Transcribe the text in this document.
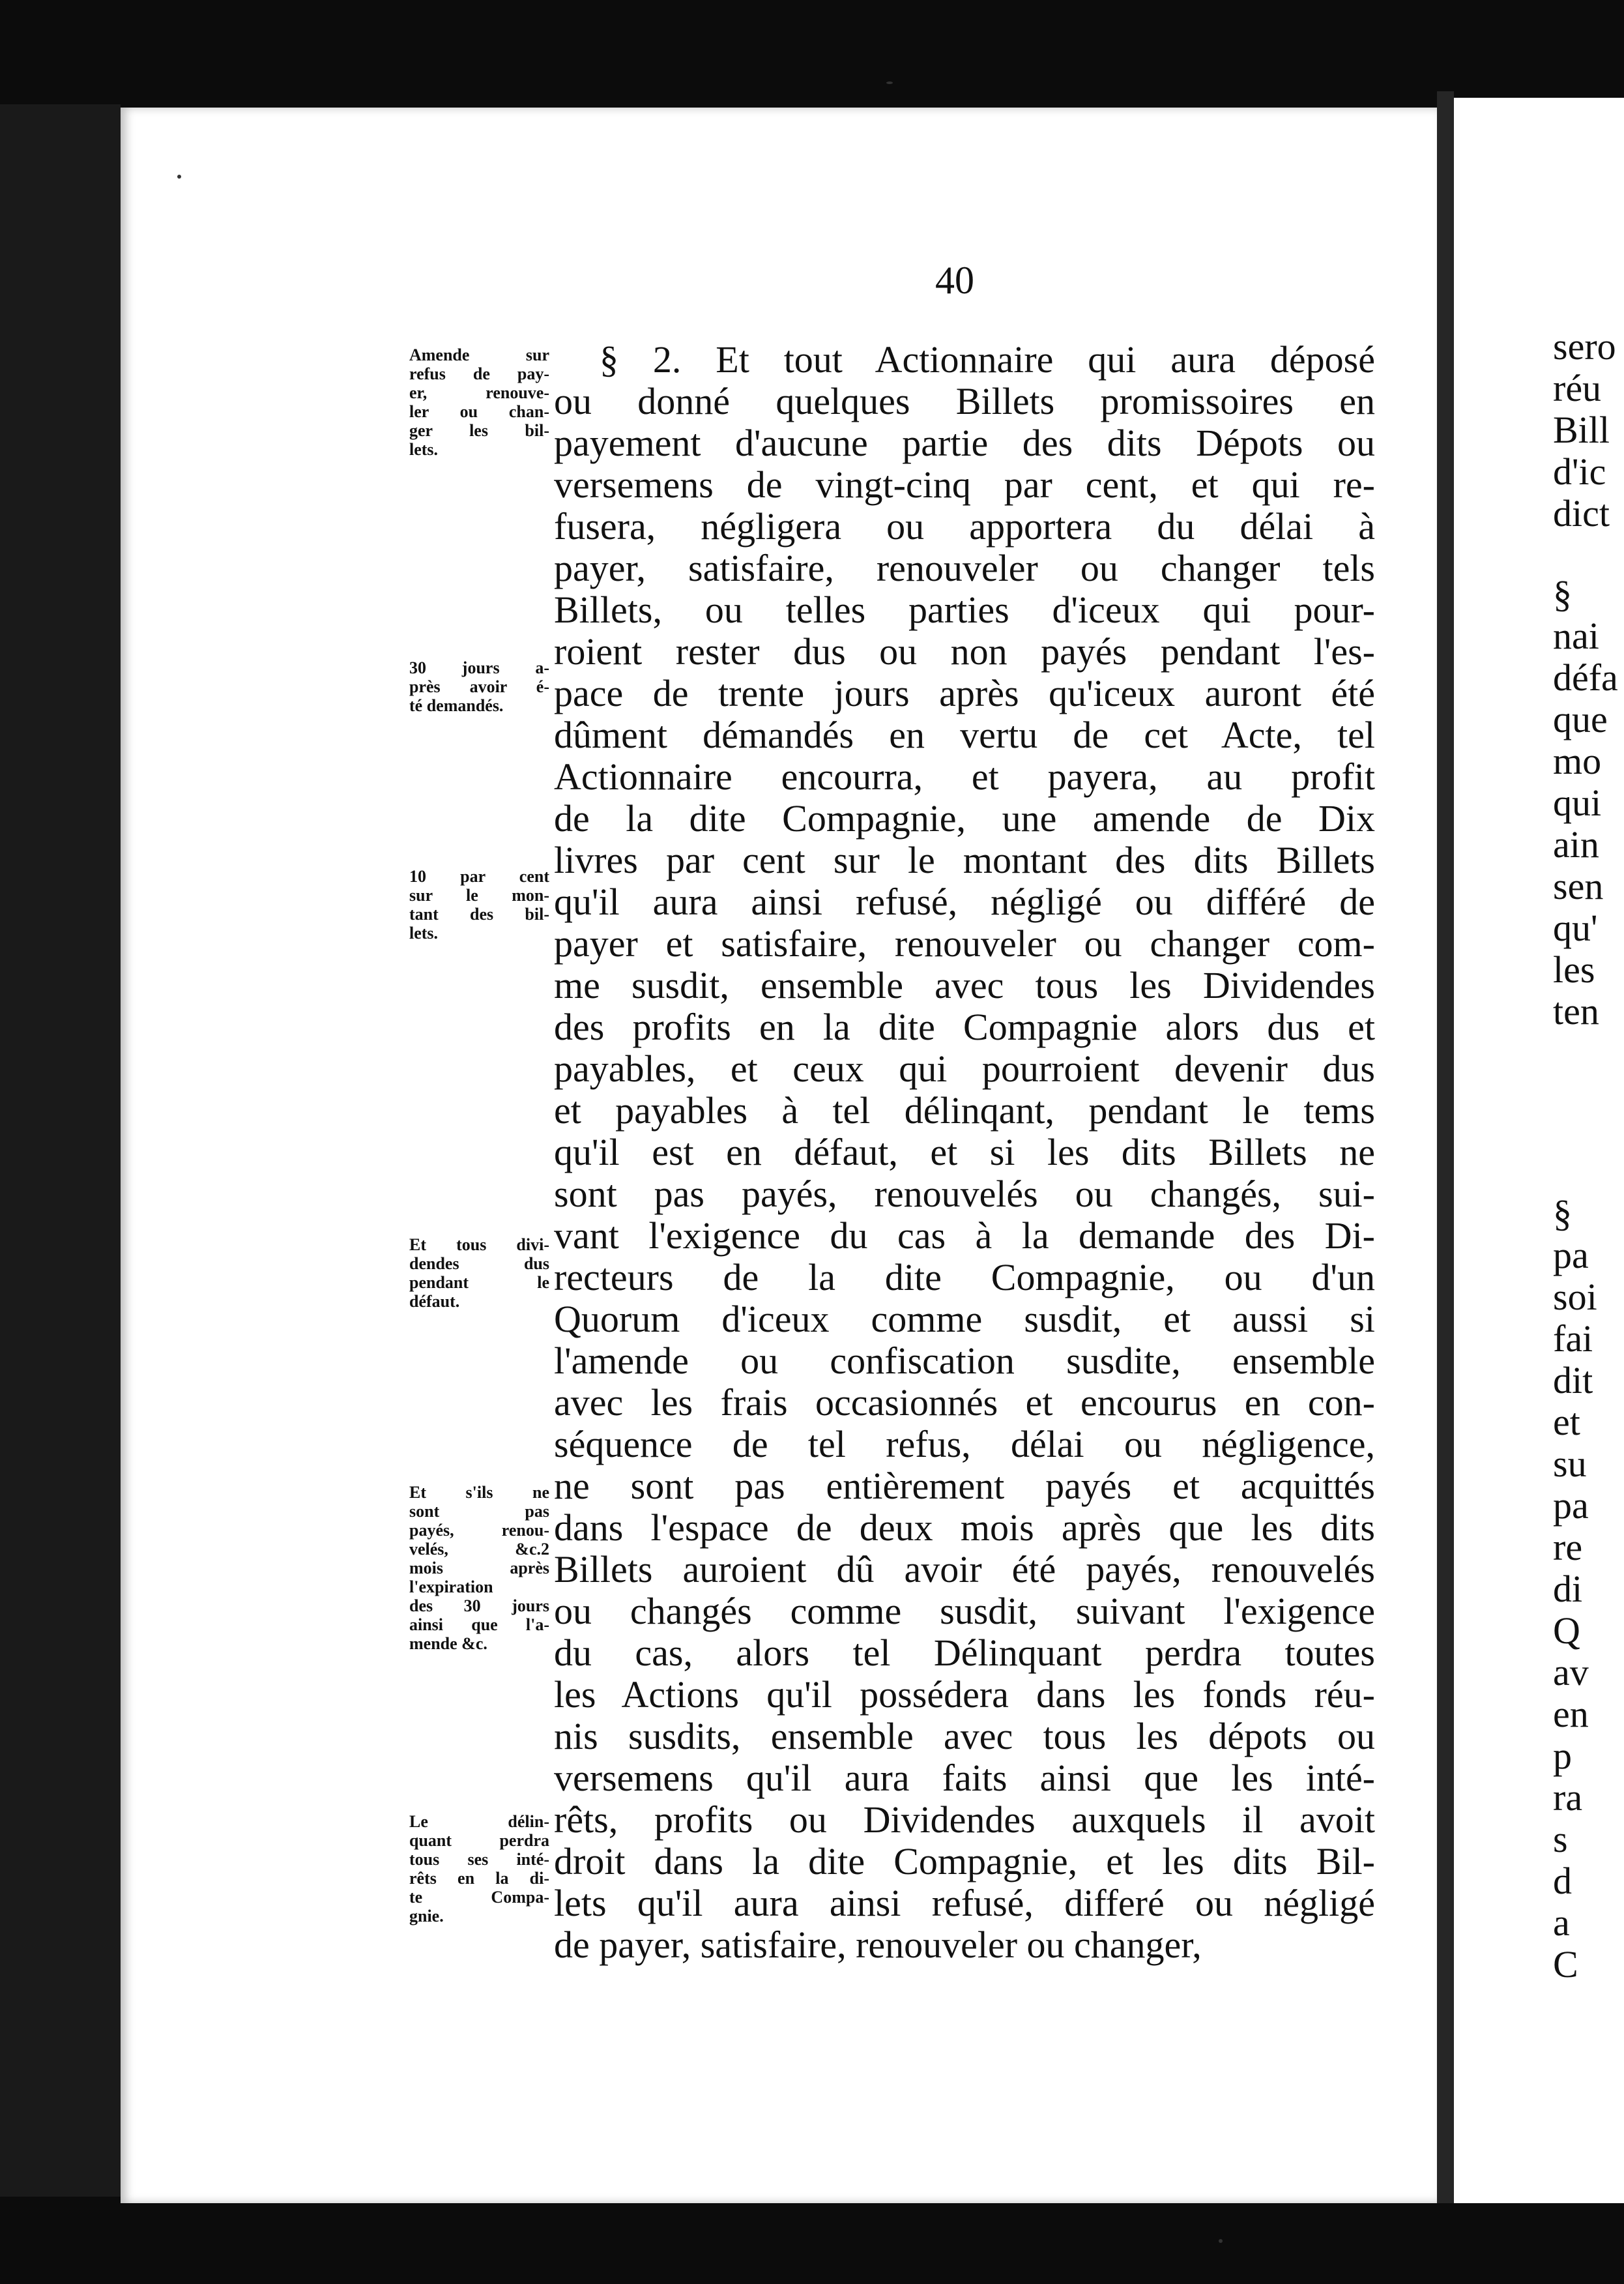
40
§ 2. Et tout Actionnaire qui aura déposé
ou donné quelques Billets promissoires en
payement d'aucune partie des dits Dépots ou
versemens de vingt-cinq par cent, et qui re-
fusera, négligera ou apportera du délai à
payer, satisfaire, renouveler ou changer tels
Billets, ou telles parties d'iceux qui pour-
roient rester dus ou non payés pendant l'es-
pace de trente jours après qu'iceux auront été
dûment démandés en vertu de cet Acte, tel
Actionnaire encourra, et payera, au profit
de la dite Compagnie, une amende de Dix
livres par cent sur le montant des dits Billets
qu'il aura ainsi refusé, négligé ou différé de
payer et satisfaire, renouveler ou changer com-
me susdit, ensemble avec tous les Dividendes
des profits en la dite Compagnie alors dus et
payables, et ceux qui pourroient devenir dus
et payables à tel délinqant, pendant le tems
qu'il est en défaut, et si les dits Billets ne
sont pas payés, renouvelés ou changés, sui-
vant l'exigence du cas à la demande des Di-
recteurs de la dite Compagnie, ou d'un
Quorum d'iceux comme susdit, et aussi si
l'amende ou confiscation susdite, ensemble
avec les frais occasionnés et encourus en con-
séquence de tel refus, délai ou négligence,
ne sont pas entièrement payés et acquittés
dans l'espace de deux mois après que les dits
Billets auroient dû avoir été payés, renouvelés
ou changés comme susdit, suivant l'exigence
du cas, alors tel Délinquant perdra toutes
les Actions qu'il possédera dans les fonds réu-
nis susdits, ensemble avec tous les dépots ou
versemens qu'il aura faits ainsi que les inté-
rêts, profits ou Dividendes auxquels il avoit
droit dans la dite Compagnie, et les dits Bil-
lets qu'il aura ainsi refusé, differé ou négligé
de payer, satisfaire, renouveler ou changer,
Amende sur
refus de pay-
er, renouve-
ler ou chan-
ger les bil-
lets.
30 jours a-
près avoir é-
té demandés.
10 par cent
sur le mon-
tant des bil-
lets.
Et tous divi-
dendes dus
pendant le
défaut.
Et s'ils ne
sont pas
payés, renou-
velés, &c.2
mois après
l'expiration
des 30 jours
ainsi que l'a-
mende &c.
Le délin-
quant perdra
tous ses inté-
rêts en la di-
te Compa-
gnie.
sero
réu
Bill
d'ic
dict
§
nai
défa
que
mo
qui
ain
sen
qu'
les
ten
§
pa
soi
fai
dit
et
su
pa
re
di
Q
av
en
p
ra
s
d
a
C
